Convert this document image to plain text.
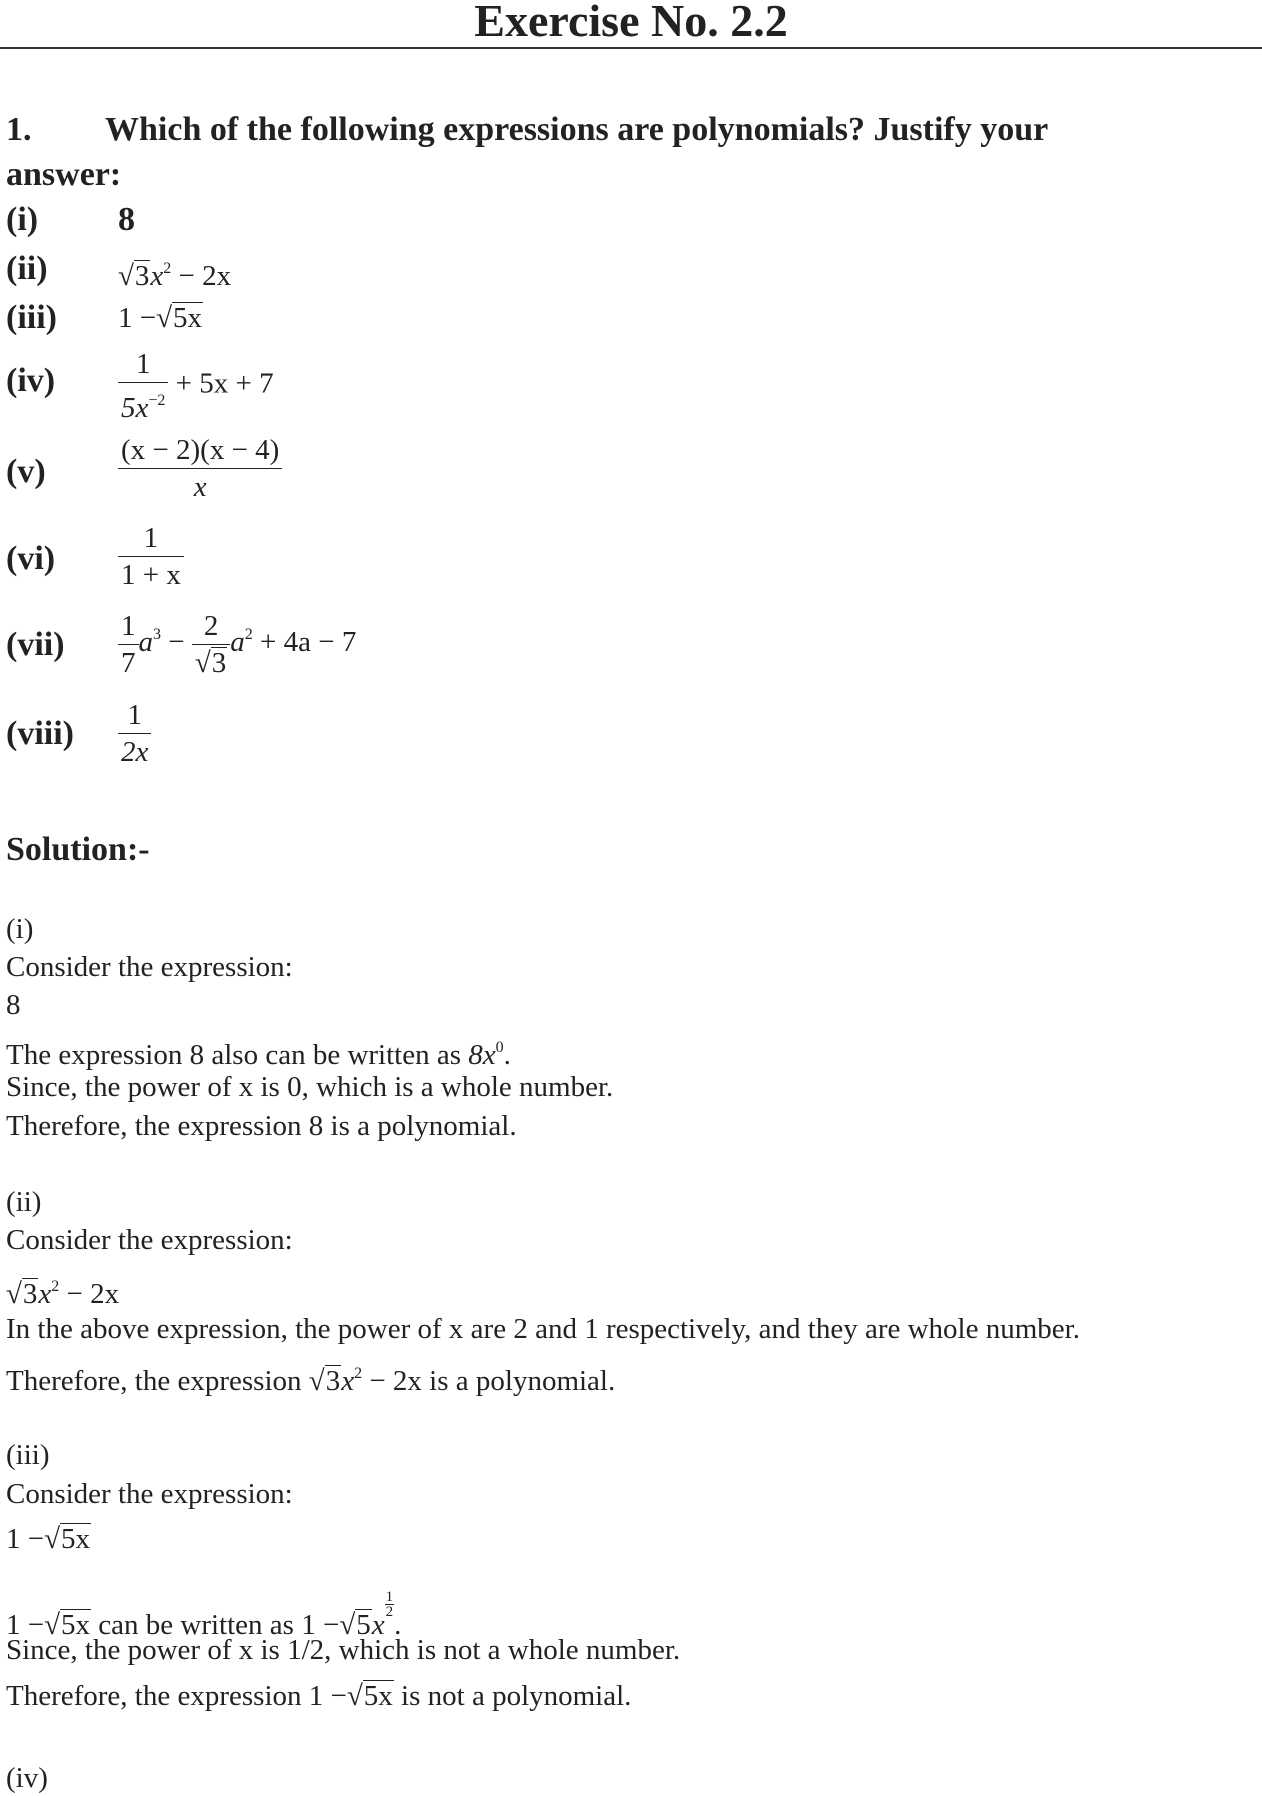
Exercise No. 2.2
1. Which of the following expressions are polynomials? Justify your
answer:
(i) 8
(ii) $√3x^2 - 2x$
(iii) 1 −√5x
$(iv) \frac{1}{5x^{-2}} + 5x + 7$
$(v) \frac{(x - 2)(x - 4)}{x}$
$(vi) \frac{1}{1 + x}$
$(vii) \frac{1}{7} a^3 - \frac{2}{√3} a^2 + 4a - 7$
(viii) $\frac{1}{2x}$
Solution:-
(i)
Consider the expression:
8
The expression 8 also can be written as $8x^0$.
Since, the power of x is 0, which is a whole number.
Therefore, the expression 8 is a polynomial.
(ii)
Consider the expression:
$√3x^2 - 2x$
In the above expression, the power of x are 2 and 1 respectively, and they are whole number.
Therefore, the expression $√3x^2 - 2x$ is a polynomial.
(iii)
Consider the expression:
1 −√5x
1 −√5x can be written as 1 −√5x
$\frac{1}{2}$
.
Since, the power of x is 1/2, which is not a whole number.
Therefore, the expression 1 −√5x is not a polynomial.
(iv)
